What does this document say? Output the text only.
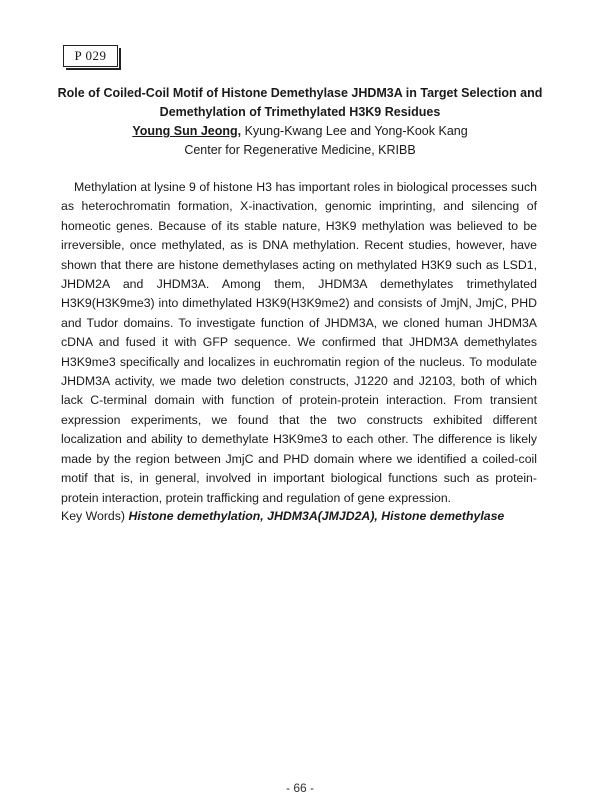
P 029

Role of Coiled-Coil Motif of Histone Demethylase JHDM3A in Target Selection and

Demethylation of Trimethylated H3K9 Residues

Young Sun Jeong, Kyung-Kwang Lee and Yong-Kook Kang

Center for Regenerative Medicine, KRIBB

Methylation at lysine 9 of histone H3 has important roles in biological processes such as heterochromatin formation, X-inactivation, genomic imprinting, and silencing of homeotic genes. Because of its stable nature, H3K9 methylation was believed to be irreversible, once methylated, as is DNA methylation. Recent studies, however, have shown that there are histone demethylases acting on methylated H3K9 such as LSD1, JHDM2A and JHDM3A. Among them, JHDM3A demethylates trimethylated H3K9(H3K9me3) into dimethylated H3K9(H3K9me2) and consists of JmjN, JmjC, PHD and Tudor domains. To investigate function of JHDM3A, we cloned human JHDM3A cDNA and fused it with GFP sequence. We confirmed that JHDM3A demethylates H3K9me3 specifically and localizes in euchromatin region of the nucleus. To modulate JHDM3A activity, we made two deletion constructs, J1220 and J2103, both of which lack C-terminal domain with function of protein-protein interaction. From transient expression experiments, we found that the two constructs exhibited different localization and ability to demethylate H3K9me3 to each other. The difference is likely made by the region between JmjC and PHD domain where we identified a coiled-coil motif that is, in general, involved in important biological functions such as protein-protein interaction, protein trafficking and regulation of gene expression.

Key Words) Histone demethylation, JHDM3A(JMJD2A), Histone demethylase

- 66 -
